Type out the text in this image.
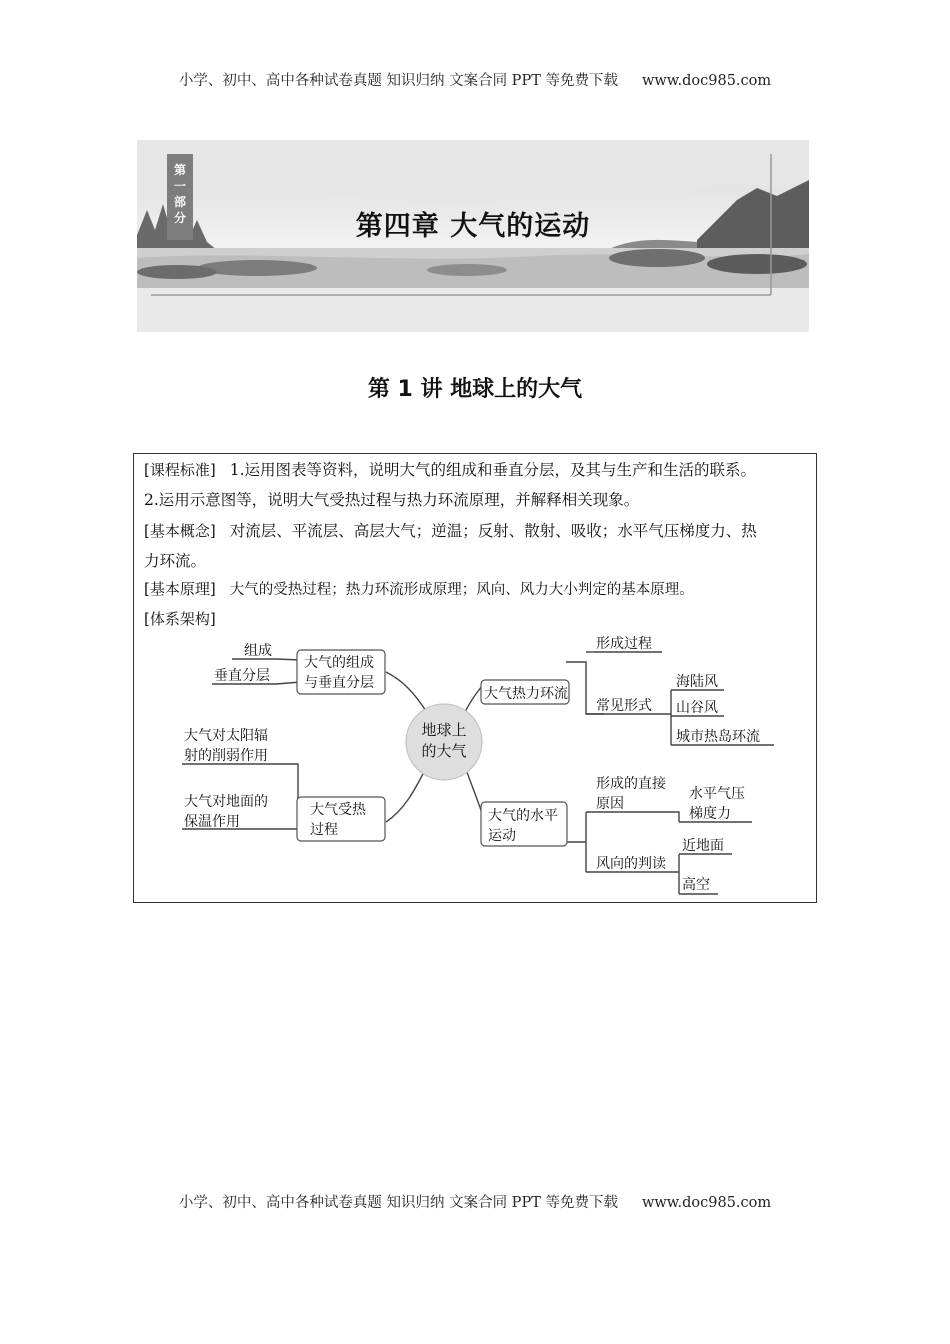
小学、初中、高中各种试卷真题 知识归纳 文案合同 PPT 等免费下载 www.doc985.com
第
一
部
分	第四章 大气的运动
第 1 讲 地球上的大气
[课程标准] 1.运用图表等资料，说明大气的组成和垂直分层，及其与生产和生活的联系。
2.运用示意图等，说明大气受热过程与热力环流原理，并解释相关现象。
[基本概念] 对流层、平流层、高层大气；逆温；反射、散射、吸收；水平气压梯度力、热
力环流。
[基本原理] 大气的受热过程；热力环流形成原理；风向、风力大小判定的基本原理。
[体系架构]
地球上
的大气
大气的组成
与垂直分层
组成
垂直分层
大气受热
过程
大气对太阳辐
射的削弱作用
大气对地面的
保温作用
大气热力环流
形成过程
常见形式
海陆风
山谷风
城市热岛环流
大气的水平
运动
形成的直接
原因
水平气压
梯度力
风向的判读
近地面
高空
小学、初中、高中各种试卷真题 知识归纳 文案合同 PPT 等免费下载 www.doc985.com
